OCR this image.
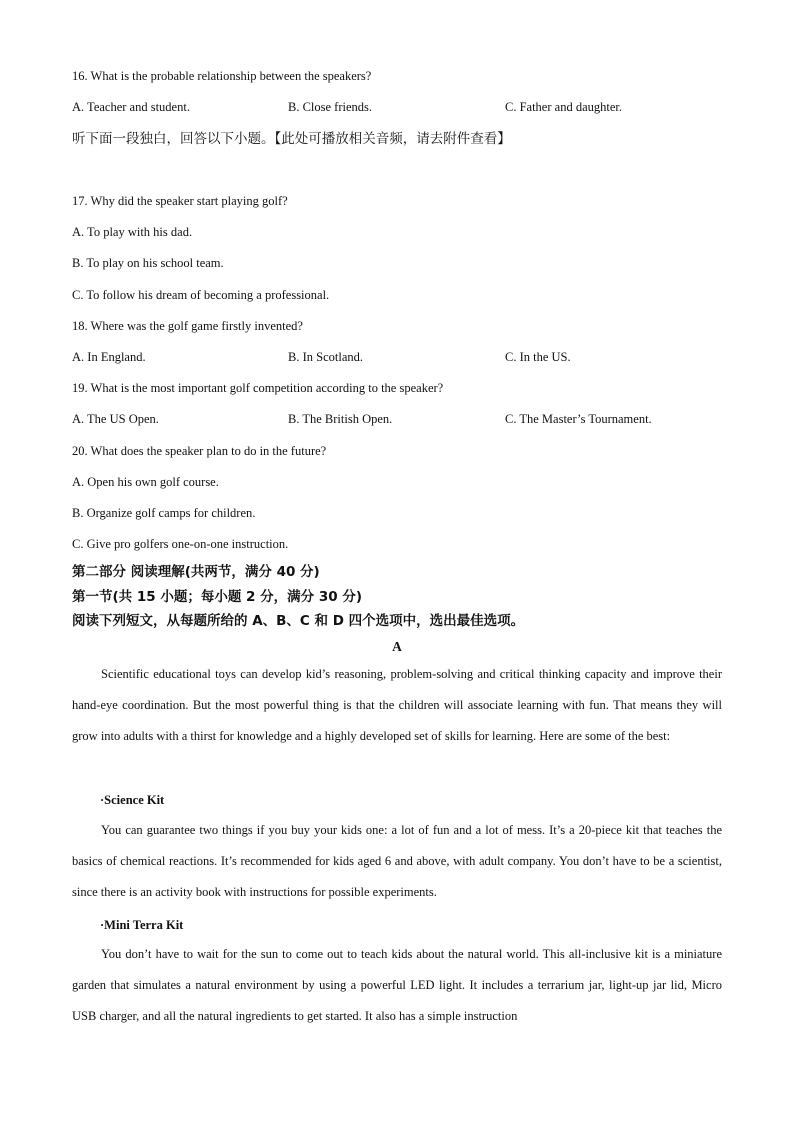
16. What is the probable relationship between the speakers?
A. Teacher and student.	B. Close friends.	C. Father and daughter.
听下面一段独白，回答以下小题。【此处可播放相关音频，请去附件查看】
17. Why did the speaker start playing golf?
A. To play with his dad.
B. To play on his school team.
C. To follow his dream of becoming a professional.
18. Where was the golf game firstly invented?
A. In England.	B. In Scotland.	C. In the US.
19. What is the most important golf competition according to the speaker?
A. The US Open.	B. The British Open.	C. The Master’s Tournament.
20. What does the speaker plan to do in the future?
A. Open his own golf course.
B. Organize golf camps for children.
C. Give pro golfers one-on-one instruction.
第二部分 阅读理解(共两节，满分 40 分)
第一节(共 15 小题；每小题 2 分，满分 30 分)
阅读下列短文，从每题所给的 A、B、C 和 D 四个选项中，选出最佳选项。
A
Scientific educational toys can develop kid’s reasoning, problem-solving and critical thinking capacity and improve their hand-eye coordination. But the most powerful thing is that the children will associate learning with fun. That means they will grow into adults with a thirst for knowledge and a highly developed set of skills for learning. Here are some of the best:
·Science Kit
You can guarantee two things if you buy your kids one: a lot of fun and a lot of mess. It’s a 20-piece kit that teaches the basics of chemical reactions. It’s recommended for kids aged 6 and above, with adult company. You don’t have to be a scientist, since there is an activity book with instructions for possible experiments.
·Mini Terra Kit
You don’t have to wait for the sun to come out to teach kids about the natural world. This all-inclusive kit is a miniature garden that simulates a natural environment by using a powerful LED light. It includes a terrarium jar, light-up jar lid, Micro USB charger, and all the natural ingredients to get started. It also has a simple instruction
